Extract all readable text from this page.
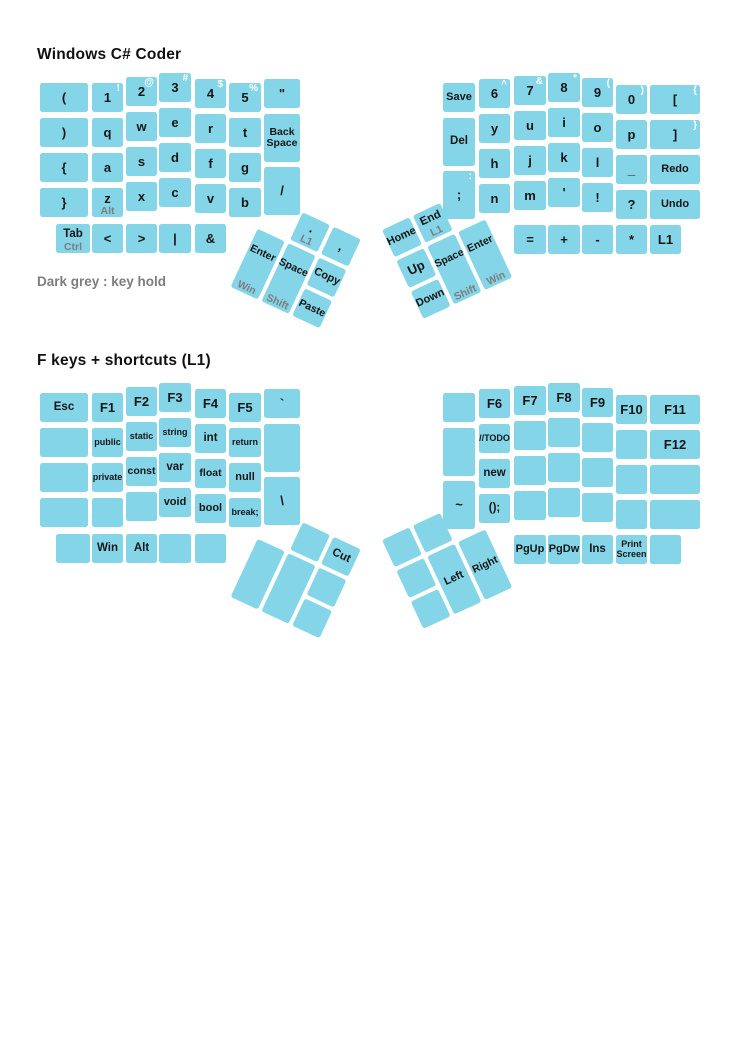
Windows C# Coder
Dark grey : key hold
F keys + shortcuts (L1)
(
)
{
}
1
!
q
a
z
Alt
2
@
w
s
x
3
#
e
d
c
4
$
r
f
v
5
%
t
g
b
"
Back Space
/
Tab
Ctrl
< > | &
.
L1	,
Enter
Win
Space
Shift
Copy
Paste
Save
Del
;
:
6
^
y
h
n
7
&
u
j
m
8
*
i
k
'
9
(
o
l
!
0
)
p
_
?
[
{
]
}
Redo
Undo
= + - * L1
Home
End
L1
Up
Down
Space
Shift
Enter
Win
Esc F1
public
private
F2
static
const
F3
string
var
void
F4
int
float
bool
F5
return
null
break;
`
\
Win Alt	Cut
~
F6
//TODO
new
();
F7 F8 F9 F10 F11
F12
PgUp PgDw Ins	Print Screen
Left
Right
